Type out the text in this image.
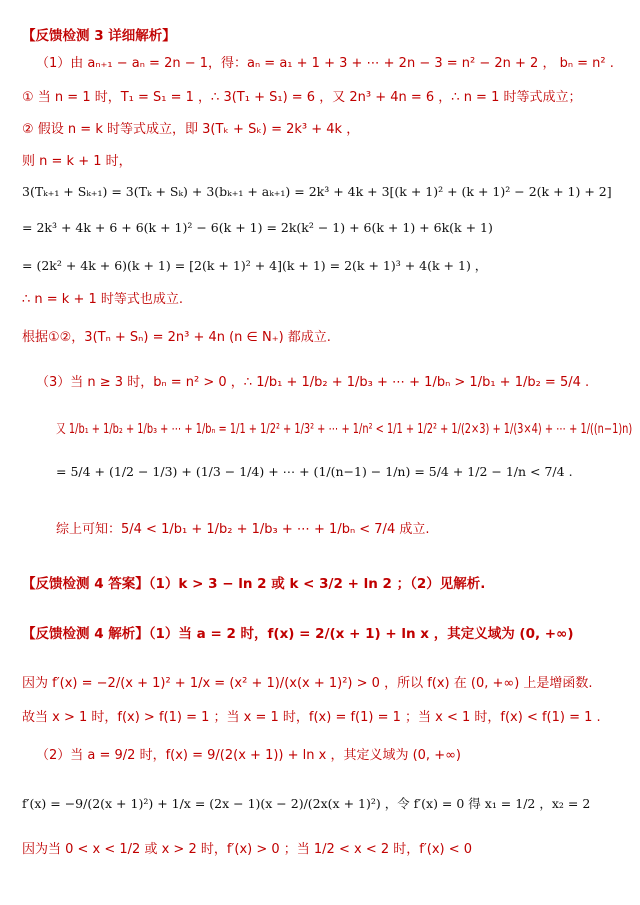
【反馈检测 3 详细解析】
（1）由 aₙ₊₁ − aₙ = 2n − 1，得：aₙ = a₁ + 1 + 3 + ⋯ + 2n − 3 = n² − 2n + 2 ， bₙ = n² .
① 当 n = 1 时，T₁ = S₁ = 1 ，∴ 3(T₁ + S₁) = 6 ，又 2n³ + 4n = 6 ，∴ n = 1 时等式成立；
② 假设 n = k 时等式成立，即 3(Tₖ + Sₖ) = 2k³ + 4k ，
则 n = k + 1 时，
3(Tₖ₊₁ + Sₖ₊₁) = 3(Tₖ + Sₖ) + 3(bₖ₊₁ + aₖ₊₁) = 2k³ + 4k + 3[(k + 1)² + (k + 1)² − 2(k + 1) + 2]
= 2k³ + 4k + 6 + 6(k + 1)² − 6(k + 1) = 2k(k² − 1) + 6(k + 1) + 6k(k + 1)
= (2k² + 4k + 6)(k + 1) = [2(k + 1)² + 4](k + 1) = 2(k + 1)³ + 4(k + 1) ，
∴ n = k + 1 时等式也成立.
根据①②，3(Tₙ + Sₙ) = 2n³ + 4n (n ∈ N₊) 都成立.
（3）当 n ≥ 3 时，bₙ = n² > 0 ，∴ 1/b₁ + 1/b₂ + 1/b₃ + ⋯ + 1/bₙ > 1/b₁ + 1/b₂ = 5/4 .
又 1/b₁ + 1/b₂ + 1/b₃ + ⋯ + 1/bₙ = 1/1 + 1/2² + 1/3² + ⋯ + 1/n² < 1/1 + 1/2² + 1/(2×3) + 1/(3×4) + ⋯ + 1/((n−1)n)
= 5/4 + (1/2 − 1/3) + (1/3 − 1/4) + ⋯ + (1/(n−1) − 1/n) = 5/4 + 1/2 − 1/n < 7/4 .
综上可知：5/4 < 1/b₁ + 1/b₂ + 1/b₃ + ⋯ + 1/bₙ < 7/4 成立.
【反馈检测 4 答案】（1）k > 3 − ln 2 或 k < 3/2 + ln 2 ；（2）见解析.
【反馈检测 4 解析】（1）当 a = 2 时，f(x) = 2/(x + 1) + ln x ，其定义域为 (0, +∞)
因为 f′(x) = −2/(x + 1)² + 1/x = (x² + 1)/(x(x + 1)²) > 0 ，所以 f(x) 在 (0, +∞) 上是增函数.
故当 x > 1 时，f(x) > f(1) = 1 ；当 x = 1 时，f(x) = f(1) = 1 ；当 x < 1 时，f(x) < f(1) = 1 .
（2）当 a = 9/2 时，f(x) = 9/(2(x + 1)) + ln x ，其定义域为 (0, +∞)
f′(x) = −9/(2(x + 1)²) + 1/x = (2x − 1)(x − 2)/(2x(x + 1)²) ，令 f′(x) = 0 得 x₁ = 1/2 ，x₂ = 2
因为当 0 < x < 1/2 或 x > 2 时，f′(x) > 0 ；当 1/2 < x < 2 时，f′(x) < 0
